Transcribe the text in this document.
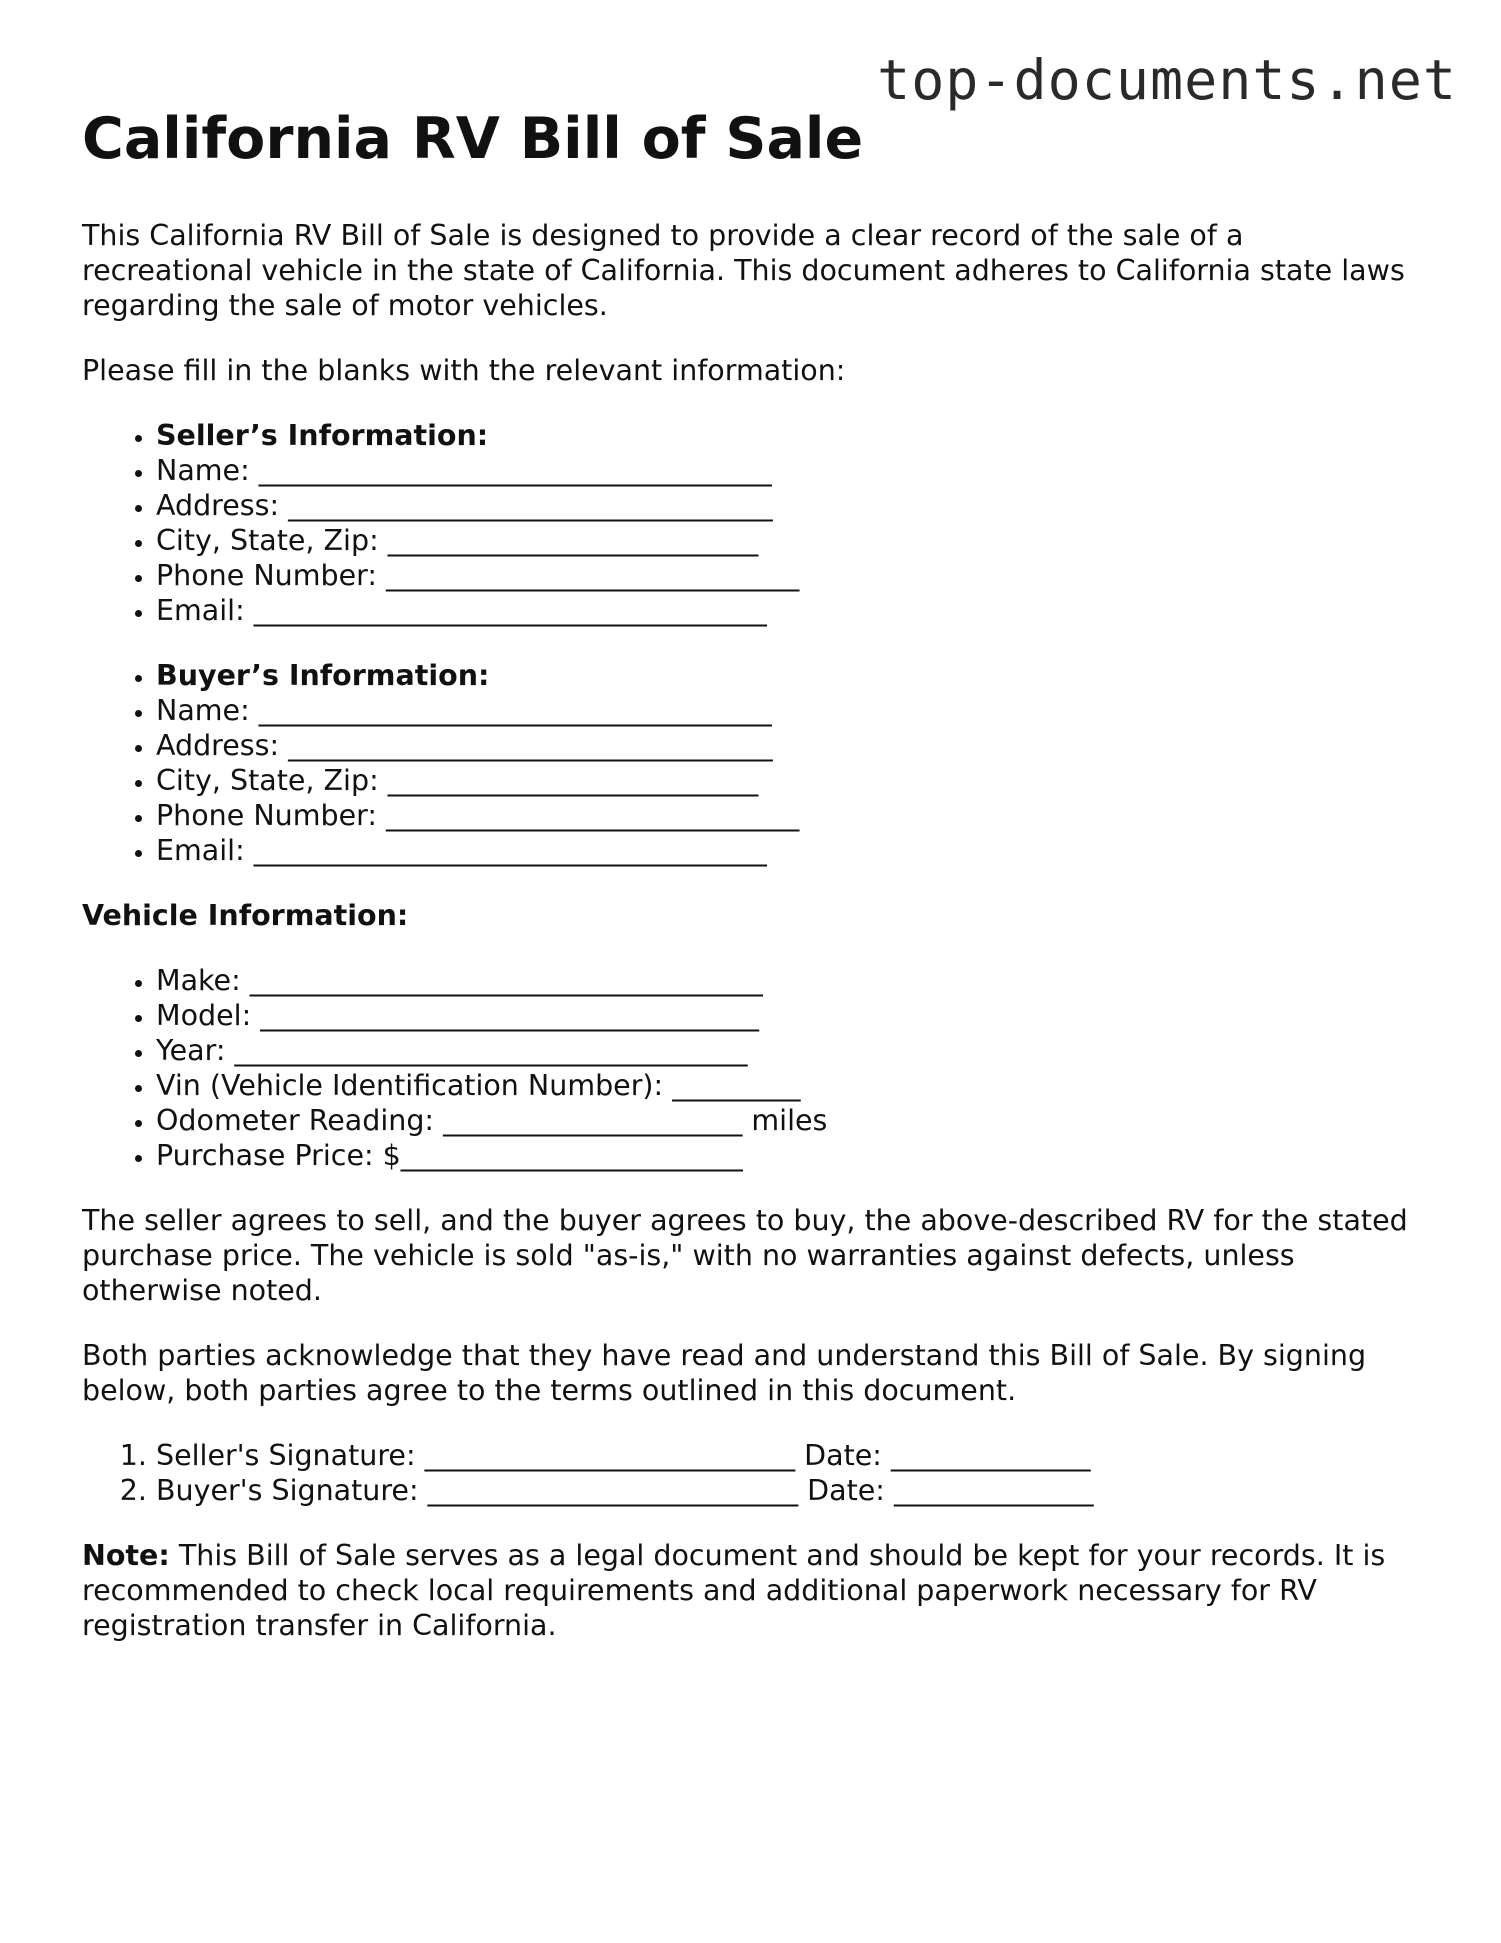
top-documents.net
California RV Bill of Sale

This California RV Bill of Sale is designed to provide a clear record of the sale of a recreational vehicle in the state of California. This document adheres to California state laws regarding the sale of motor vehicles.

Please fill in the blanks with the relevant information:

• Seller’s Information:
• Name: ____________________________________
• Address: __________________________________
• City, State, Zip: __________________________
• Phone Number: _____________________________
• Email: ____________________________________
• Buyer’s Information:
• Name: ____________________________________
• Address: __________________________________
• City, State, Zip: __________________________
• Phone Number: _____________________________
• Email: ____________________________________

Vehicle Information:

• Make: ____________________________________
• Model: ___________________________________
• Year: ____________________________________
• Vin (Vehicle Identification Number): _________
• Odometer Reading: _____________________ miles
• Purchase Price: $________________________

The seller agrees to sell, and the buyer agrees to buy, the above-described RV for the stated purchase price. The vehicle is sold "as-is," with no warranties against defects, unless otherwise noted.

Both parties acknowledge that they have read and understand this Bill of Sale. By signing below, both parties agree to the terms outlined in this document.

1. Seller's Signature: __________________________ Date: ______________
2. Buyer's Signature: __________________________ Date: ______________

Note: This Bill of Sale serves as a legal document and should be kept for your records. It is recommended to check local requirements and additional paperwork necessary for RV registration transfer in California.
